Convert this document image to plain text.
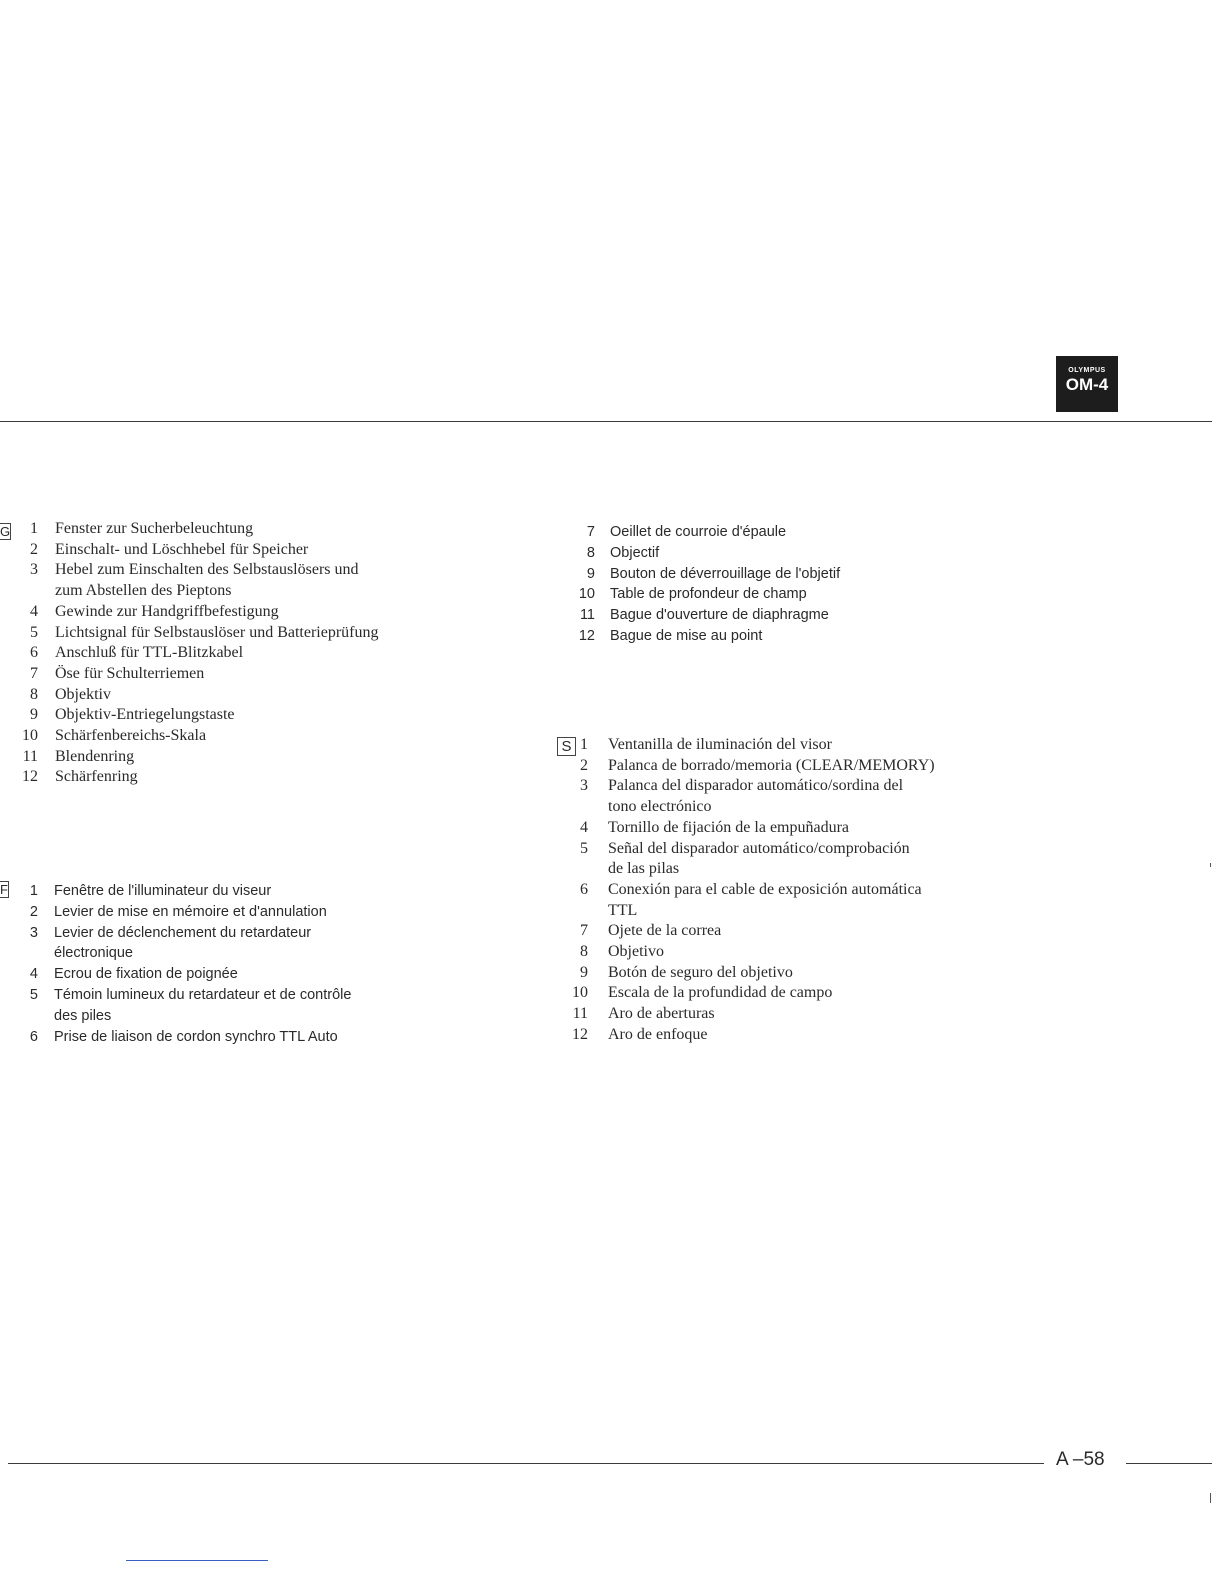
OLYMPUS
OM-4
G	1 Fenster zur Sucherbeleuchtung
2 Einschalt- und Löschhebel für Speicher
3 Hebel zum Einschalten des Selbstauslösers und
zum Abstellen des Pieptons
4 Gewinde zur Handgriffbefestigung
5 Lichtsignal für Selbstauslöser und Batterieprüfung
6 Anschluß für TTL-Blitzkabel
7 Öse für Schulterriemen
8 Objektiv
9 Objektiv-Entriegelungstaste
10 Schärfenbereichs-Skala
11 Blendenring
12 Schärfenring
F	1 Fenêtre de l'illuminateur du viseur
2 Levier de mise en mémoire et d'annulation
3 Levier de déclenchement du retardateur
électronique
4 Ecrou de fixation de poignée
5 Témoin lumineux du retardateur et de contrôle
des piles
6 Prise de liaison de cordon synchro TTL Auto
7 Oeillet de courroie d'épaule
8 Objectif
9 Bouton de déverrouillage de l'objetif
10 Table de profondeur de champ
11 Bague d'ouverture de diaphragme
12 Bague de mise au point
S 1 Ventanilla de iluminación del visor
2 Palanca de borrado/memoria (CLEAR/MEMORY)
3 Palanca del disparador automático/sordina del
tono electrónico
4 Tornillo de fijación de la empuñadura
5 Señal del disparador automático/comprobación
de las pilas
6 Conexión para el cable de exposición automática
TTL
7 Ojete de la correa
8 Objetivo
9 Botón de seguro del objetivo
10 Escala de la profundidad de campo
11 Aro de aberturas
12 Aro de enfoque
A –58
